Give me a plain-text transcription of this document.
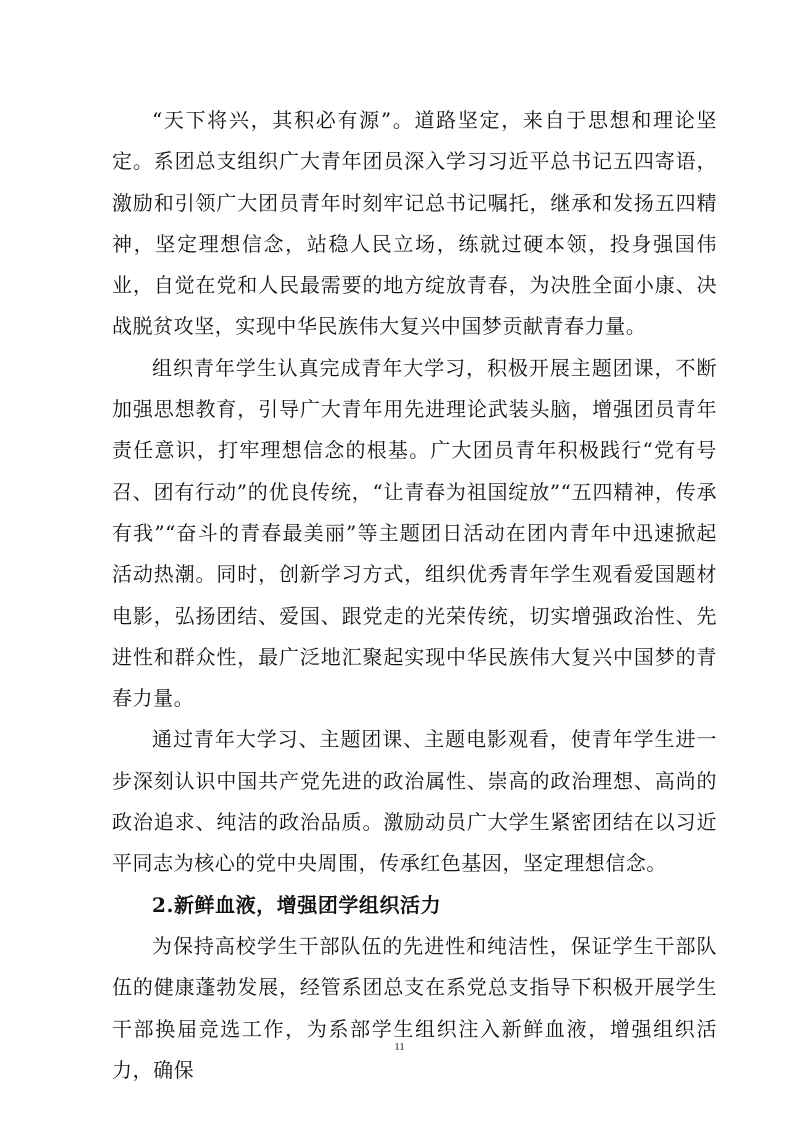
“天下将兴，其积必有源”。道路坚定，来自于思想和理论坚定。系团总支组织广大青年团员深入学习习近平总书记五四寄语，激励和引领广大团员青年时刻牢记总书记嘱托，继承和发扬五四精神，坚定理想信念，站稳人民立场，练就过硬本领，投身强国伟业，自觉在党和人民最需要的地方绽放青春，为决胜全面小康、决战脱贫攻坚，实现中华民族伟大复兴中国梦贡献青春力量。

组织青年学生认真完成青年大学习，积极开展主题团课，不断加强思想教育，引导广大青年用先进理论武装头脑，增强团员青年责任意识，打牢理想信念的根基。广大团员青年积极践行“党有号召、团有行动”的优良传统，“让青春为祖国绽放”“五四精神，传承有我”“奋斗的青春最美丽”等主题团日活动在团内青年中迅速掀起活动热潮。同时，创新学习方式，组织优秀青年学生观看爱国题材电影，弘扬团结、爱国、跟党走的光荣传统，切实增强政治性、先进性和群众性，最广泛地汇聚起实现中华民族伟大复兴中国梦的青春力量。

通过青年大学习、主题团课、主题电影观看，使青年学生进一步深刻认识中国共产党先进的政治属性、崇高的政治理想、高尚的政治追求、纯洁的政治品质。激励动员广大学生紧密团结在以习近平同志为核心的党中央周围，传承红色基因，坚定理想信念。

2.新鲜血液，增强团学组织活力

为保持高校学生干部队伍的先进性和纯洁性，保证学生干部队伍的健康蓬勃发展，经管系团总支在系党总支指导下积极开展学生干部换届竞选工作，为系部学生组织注入新鲜血液，增强组织活力，确保

11
